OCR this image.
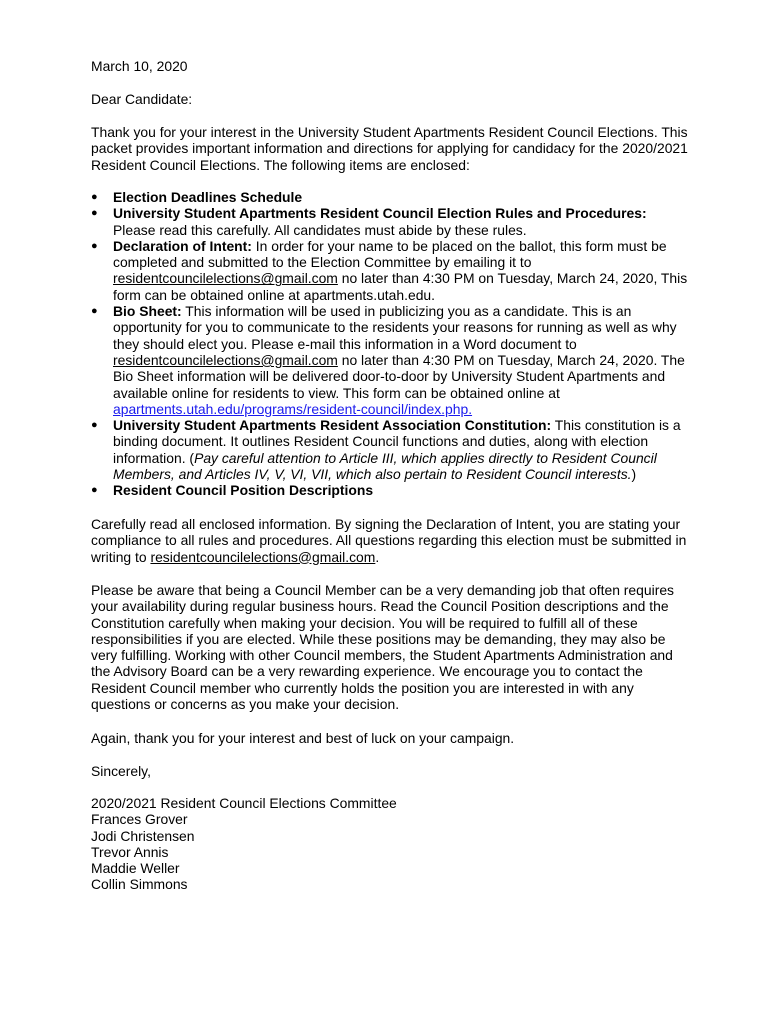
March 10, 2020

Dear Candidate:

Thank you for your interest in the University Student Apartments Resident Council Elections. This packet provides important information and directions for applying for candidacy for the 2020/2021 Resident Council Elections. The following items are enclosed:

●	Election Deadlines Schedule
●	University Student Apartments Resident Council Election Rules and Procedures: Please read this carefully. All candidates must abide by these rules.
●	Declaration of Intent: In order for your name to be placed on the ballot, this form must be completed and submitted to the Election Committee by emailing it to residentcouncilelections@gmail.com no later than 4:30 PM on Tuesday, March 24, 2020, This form can be obtained online at apartments.utah.edu.
●	Bio Sheet: This information will be used in publicizing you as a candidate. This is an opportunity for you to communicate to the residents your reasons for running as well as why they should elect you. Please e-mail this information in a Word document to residentcouncilelections@gmail.com no later than 4:30 PM on Tuesday, March 24, 2020. The Bio Sheet information will be delivered door-to-door by University Student Apartments and available online for residents to view. This form can be obtained online at apartments.utah.edu/programs/resident-council/index.php.
●	University Student Apartments Resident Association Constitution: This constitution is a binding document. It outlines Resident Council functions and duties, along with election information. (Pay careful attention to Article III, which applies directly to Resident Council Members, and Articles IV, V, VI, VII, which also pertain to Resident Council interests.)
●	Resident Council Position Descriptions

Carefully read all enclosed information. By signing the Declaration of Intent, you are stating your compliance to all rules and procedures. All questions regarding this election must be submitted in writing to residentcouncilelections@gmail.com.

Please be aware that being a Council Member can be a very demanding job that often requires your availability during regular business hours. Read the Council Position descriptions and the Constitution carefully when making your decision. You will be required to fulfill all of these responsibilities if you are elected. While these positions may be demanding, they may also be very fulfilling. Working with other Council members, the Student Apartments Administration and the Advisory Board can be a very rewarding experience. We encourage you to contact the Resident Council member who currently holds the position you are interested in with any questions or concerns as you make your decision.

Again, thank you for your interest and best of luck on your campaign.

Sincerely,

2020/2021 Resident Council Elections Committee
Frances Grover
Jodi Christensen
Trevor Annis
Maddie Weller
Collin Simmons
